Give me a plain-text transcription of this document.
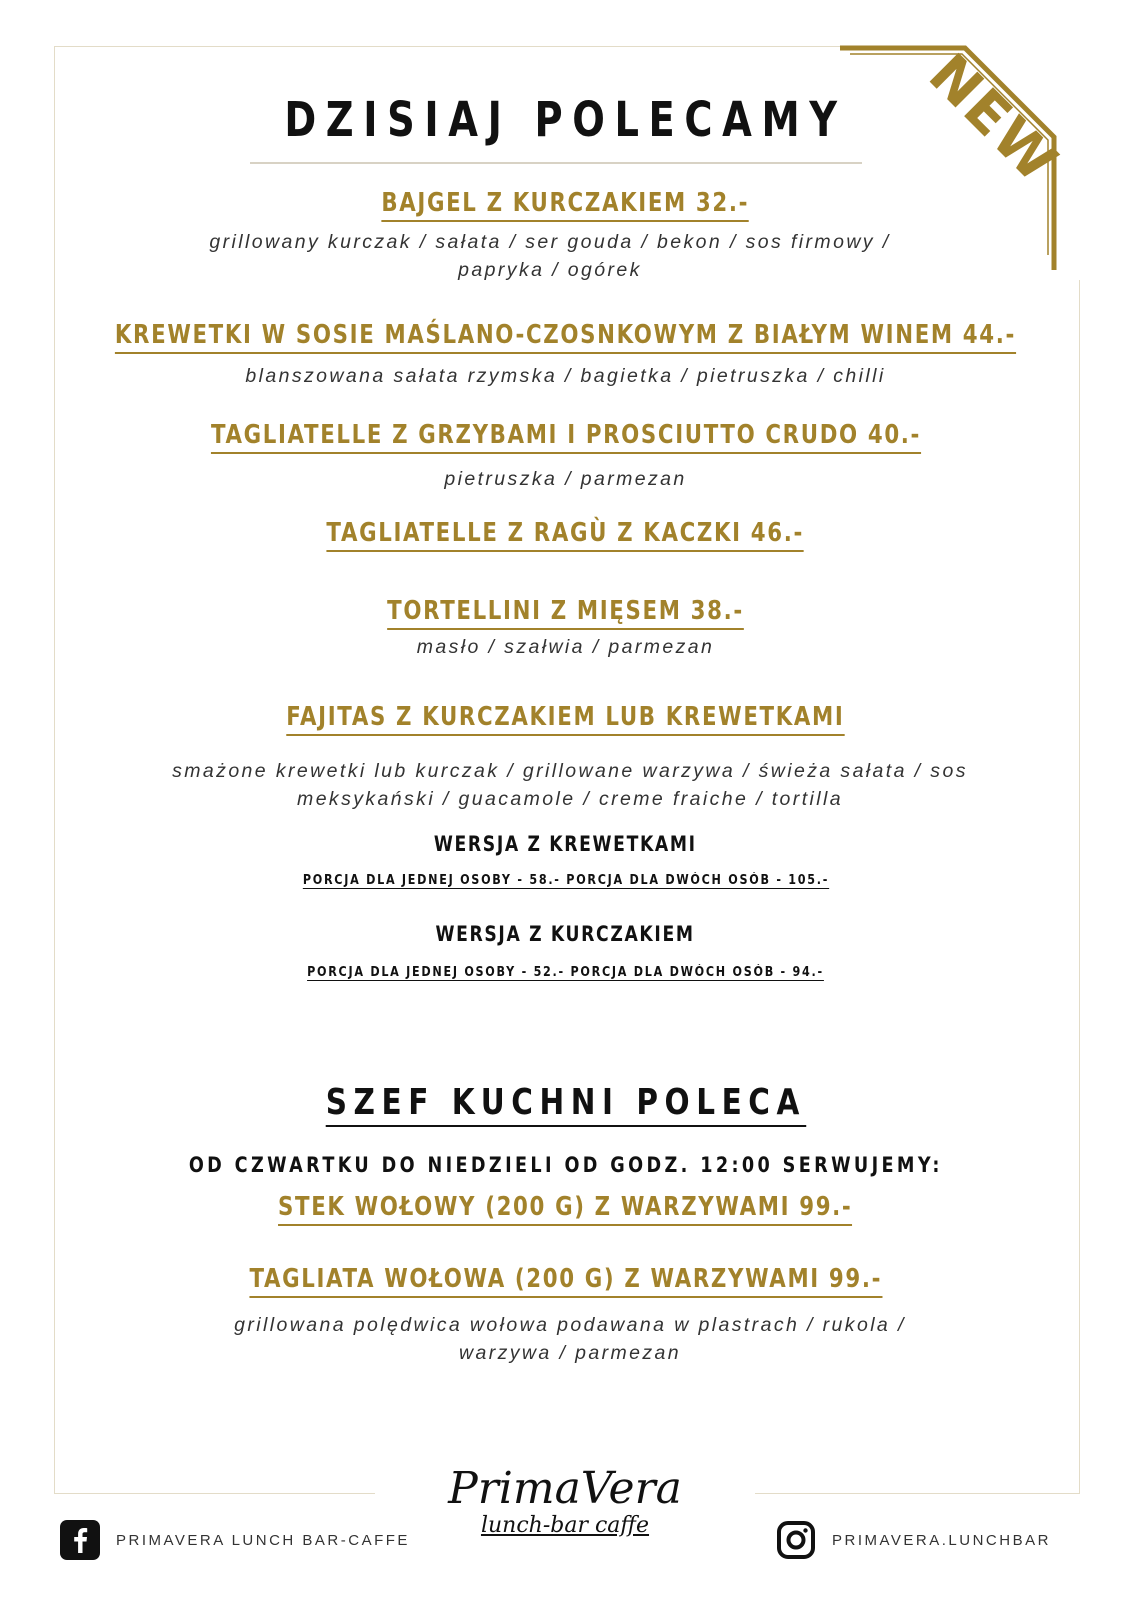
NEW
DZISIAJ POLECAMY
BAJGEL Z KURCZAKIEM 32.-
grillowany kurczak / sałata / ser gouda / bekon / sos firmowy / papryka / ogórek
KREWETKI W SOSIE MAŚLANO-CZOSNKOWYM Z BIAŁYM WINEM 44.-
blanszowana sałata rzymska / bagietka / pietruszka / chilli
TAGLIATELLE Z GRZYBAMI I PROSCIUTTO CRUDO 40.-
pietruszka / parmezan
TAGLIATELLE Z RAGÙ Z KACZKI 46.-
TORTELLINI Z MIĘSEM 38.-
masło / szałwia / parmezan
FAJITAS Z KURCZAKIEM LUB KREWETKAMI
smażone krewetki lub kurczak / grillowane warzywa / świeża sałata / sos meksykański / guacamole / creme fraiche / tortilla
WERSJA Z KREWETKAMI
PORCJA DLA JEDNEJ OSOBY - 58.- PORCJA DLA DWÓCH OSÓB - 105.-
WERSJA Z KURCZAKIEM
PORCJA DLA JEDNEJ OSOBY - 52.- PORCJA DLA DWÓCH OSÓB - 94.-
SZEF KUCHNI POLECA
OD CZWARTKU DO NIEDZIELI OD GODZ. 12:00 SERWUJEMY:
STEK WOŁOWY (200 G) Z WARZYWAMI 99.-
TAGLIATA WOŁOWA (200 G) Z WARZYWAMI 99.-
grillowana polędwica wołowa podawana w plastrach / rukola / warzywa / parmezan
PRIMAVERA LUNCH BAR-CAFFE
PrimaVera
lunch-bar caffe
PRIMAVERA.LUNCHBAR
